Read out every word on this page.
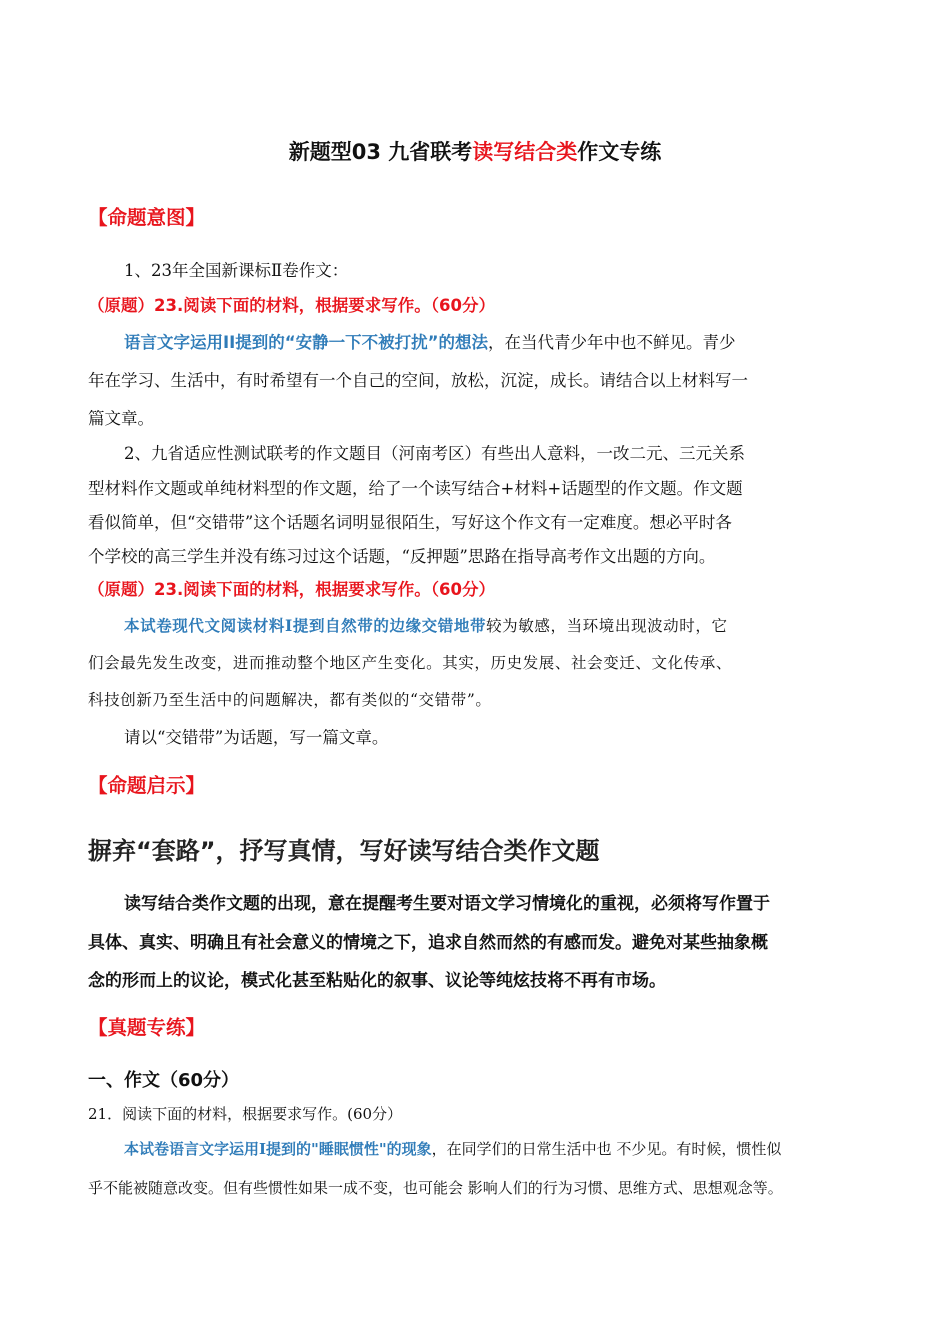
新题型03 九省联考读写结合类作文专练
【命题意图】
1、23年全国新课标Ⅱ卷作文：
（原题）23.阅读下面的材料，根据要求写作。（60分）
语言文字运用II提到的“安静一下不被打扰”的想法，在当代青少年中也不鲜见。青少
年在学习、生活中，有时希望有一个自己的空间，放松，沉淀，成长。请结合以上材料写一
篇文章。
2、九省适应性测试联考的作文题目（河南考区）有些出人意料，一改二元、三元关系
型材料作文题或单纯材料型的作文题，给了一个读写结合+材料+话题型的作文题。作文题
看似简单，但“交错带”这个话题名词明显很陌生，写好这个作文有一定难度。想必平时各
个学校的高三学生并没有练习过这个话题，“反押题”思路在指导高考作文出题的方向。
（原题）23.阅读下面的材料，根据要求写作。（60分）
本试卷现代文阅读材料Ⅰ提到自然带的边缘交错地带较为敏感，当环境出现波动时，它
们会最先发生改变，进而推动整个地区产生变化。其实，历史发展、社会变迁、文化传承、
科技创新乃至生活中的问题解决，都有类似的“交错带”。
请以“交错带”为话题，写一篇文章。
【命题启示】
摒弃“套路”，抒写真情，写好读写结合类作文题
读写结合类作文题的出现，意在提醒考生要对语文学习情境化的重视，必须将写作置于
具体、真实、明确且有社会意义的情境之下，追求自然而然的有感而发。避免对某些抽象概
念的形而上的议论，模式化甚至粘贴化的叙事、议论等纯炫技将不再有市场。
【真题专练】
一、作文（60分）
21．阅读下面的材料，根据要求写作。(60分）
本试卷语言文字运用Ⅰ提到的"睡眠惯性"的现象，在同学们的日常生活中也 不少见。有时候，惯性似
乎不能被随意改变。但有些惯性如果一成不变，也可能会 影响人们的行为习惯、思维方式、思想观念等。
